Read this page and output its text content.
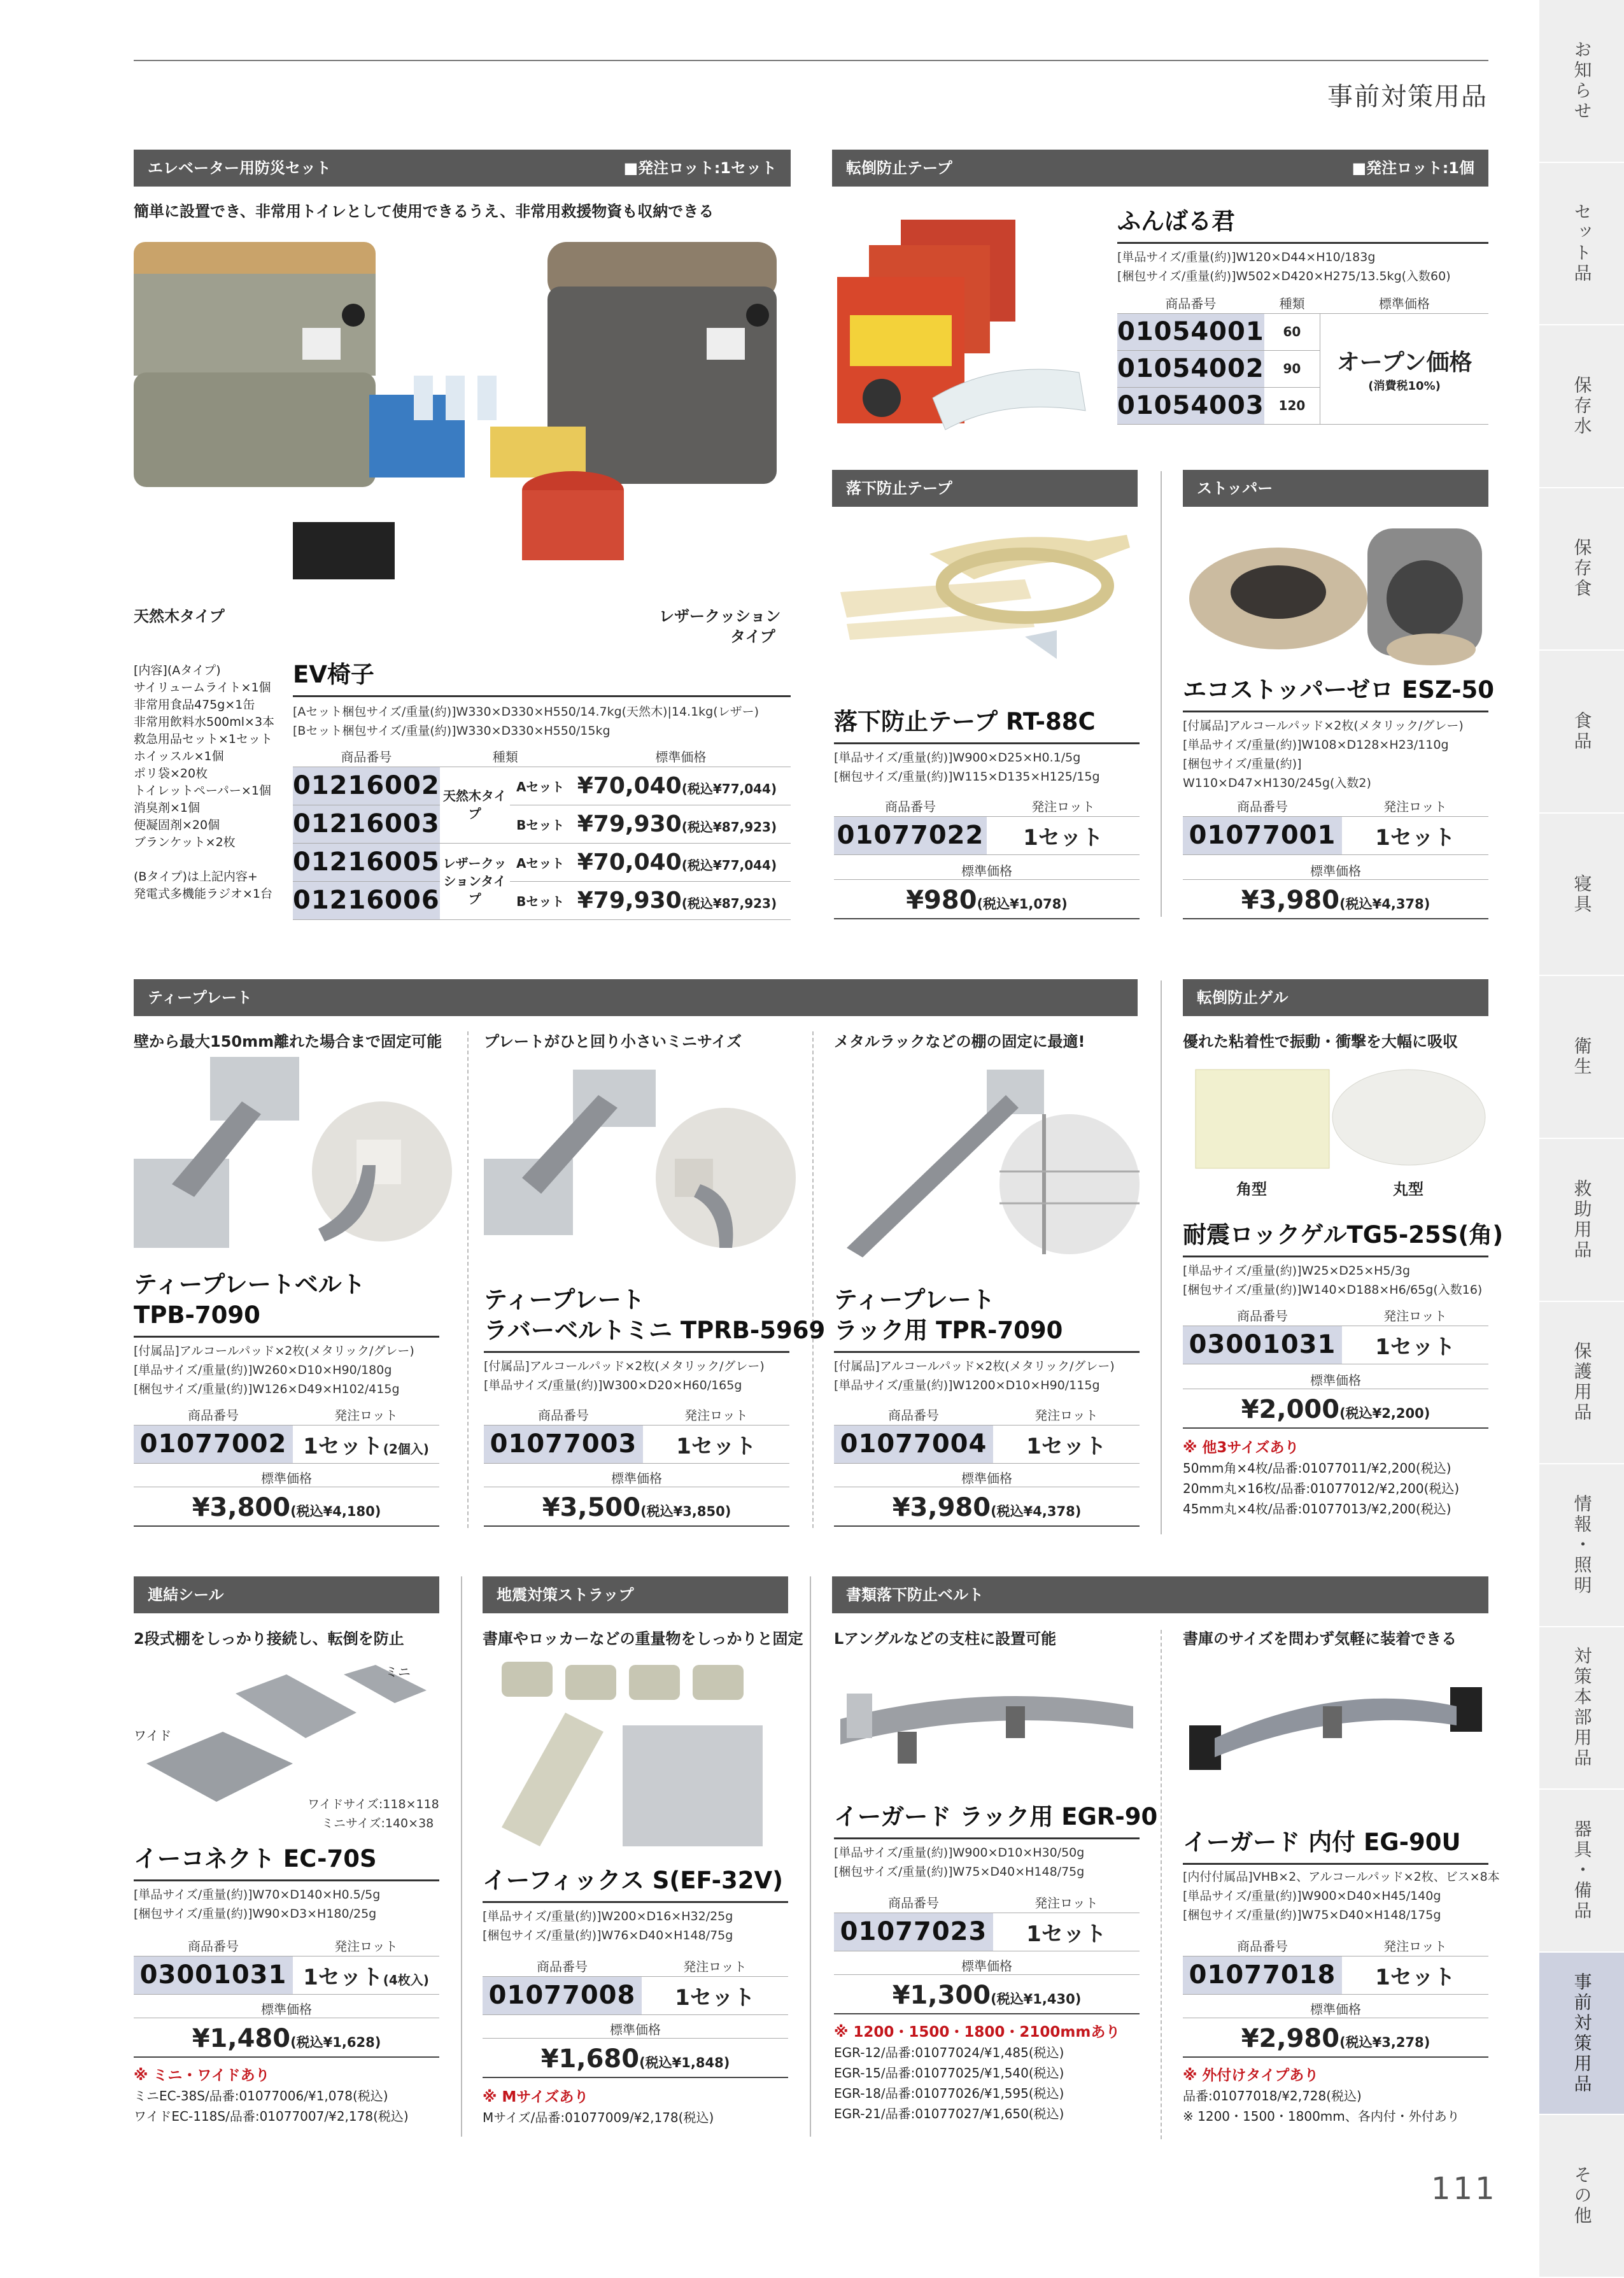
事前対策用品	お知らせ
セット品
保存水
保存食
食品
寝具
衛生
救助用品
保護用品
情報・照明
対策本部用品
器具・備品
事前対策用品
その他
エレベーター用防災セット	■発注ロット:1セット
簡単に設置でき、非常用トイレとして使用できるうえ、非常用救援物資も収納できる
天然木タイプ	レザークッション
タイプ
[内容](Aタイプ)
サイリュームライト×1個
非常用食品475g×1缶
非常用飲料水500ml×3本
救急用品セット×1セット
ホイッスル×1個
ポリ袋×20枚
トイレットペーパー×1個
消臭剤×1個
便凝固剤×20個
ブランケット×2枚

(Bタイプ)は上記内容+
発電式多機能ラジオ×1台
EV椅子
[Aセット梱包サイズ/重量(約)]W330×D330×H550/14.7kg(天然木)|14.1kg(レザー)
[Bセット梱包サイズ/重量(約)]W330×D330×H550/15kg
商品番号	種類		標準価格
01216002	天然木タイプ	Aセット	¥70,040(税込¥77,044)
01216003		Bセット	¥79,930(税込¥87,923)
01216005	レザークッションタイプ	Aセット	¥70,040(税込¥77,044)
01216006		Bセット	¥79,930(税込¥87,923)
転倒防止テープ	■発注ロット:1個
ふんばる君
[単品サイズ/重量(約)]W120×D44×H10/183g
[梱包サイズ/重量(約)]W502×D420×H275/13.5kg(入数60)
商品番号	種類	標準価格
01054001	60	オープン価格
(消費税10%)

01054002	90	
01054003	120	
落下防止テープ
落下防止テープ RT-88C
[単品サイズ/重量(約)]W900×D25×H0.1/5g
[梱包サイズ/重量(約)]W115×D135×H125/15g
商品番号	発注ロット
01077022	1セット
標準価格
¥980(税込¥1,078)
ストッパー
エコストッパーゼロ ESZ-50
[付属品]アルコールパッド×2枚(メタリック/グレー)
[単品サイズ/重量(約)]W108×D128×H23/110g
[梱包サイズ/重量(約)]
W110×D47×H130/245g(入数2)
商品番号	発注ロット
01077001	1セット
標準価格
¥3,980(税込¥4,378)
ティープレート
壁から最大150mm離れた場合まで固定可能
ティープレートベルト
TPB-7090
[付属品]アルコールパッド×2枚(メタリック/グレー)
[単品サイズ/重量(約)]W260×D10×H90/180g
[梱包サイズ/重量(約)]W126×D49×H102/415g
商品番号	発注ロット
01077002	1セット(2個入)
標準価格
¥3,800(税込¥4,180)
プレートがひと回り小さいミニサイズ
ティープレート
ラバーベルトミニ TPRB-5969
[付属品]アルコールパッド×2枚(メタリック/グレー)
[単品サイズ/重量(約)]W300×D20×H60/165g
商品番号	発注ロット
01077003	1セット
標準価格
¥3,500(税込¥3,850)
メタルラックなどの棚の固定に最適!
ティープレート
ラック用 TPR-7090
[付属品]アルコールパッド×2枚(メタリック/グレー)
[単品サイズ/重量(約)]W1200×D10×H90/115g
商品番号	発注ロット
01077004	1セット
標準価格
¥3,980(税込¥4,378)
転倒防止ゲル
優れた粘着性で振動・衝撃を大幅に吸収
角型	丸型
耐震ロックゲルTG5-25S(角)
[単品サイズ/重量(約)]W25×D25×H5/3g
[梱包サイズ/重量(約)]W140×D188×H6/65g(入数16)
商品番号	発注ロット
03001031	1セット
標準価格
¥2,000(税込¥2,200)
※ 他3サイズあり
50mm角×4枚/品番:01077011/¥2,200(税込)
20mm丸×16枚/品番:01077012/¥2,200(税込)
45mm丸×4枚/品番:01077013/¥2,200(税込)
連結シール
2段式棚をしっかり接続し、転倒を防止
ミニ
ワイド
ワイドサイズ:118×118
ミニサイズ:140×38
イーコネクト EC-70S
[単品サイズ/重量(約)]W70×D140×H0.5/5g
[梱包サイズ/重量(約)]W90×D3×H180/25g
商品番号	発注ロット
03001031	1セット(4枚入)
標準価格
¥1,480(税込¥1,628)
※ ミニ・ワイドあり
ミニEC-38S/品番:01077006/¥1,078(税込)
ワイドEC-118S/品番:01077007/¥2,178(税込)
地震対策ストラップ
書庫やロッカーなどの重量物をしっかりと固定
イーフィックス S(EF-32V)
[単品サイズ/重量(約)]W200×D16×H32/25g
[梱包サイズ/重量(約)]W76×D40×H148/75g
商品番号	発注ロット
01077008	1セット
標準価格
¥1,680(税込¥1,848)
※ Mサイズあり
Mサイズ/品番:01077009/¥2,178(税込)
書類落下防止ベルト
Lアングルなどの支柱に設置可能
イーガード ラック用 EGR-90
[単品サイズ/重量(約)]W900×D10×H30/50g
[梱包サイズ/重量(約)]W75×D40×H148/75g
商品番号	発注ロット
01077023	1セット
標準価格
¥1,300(税込¥1,430)
※ 1200・1500・1800・2100mmあり
EGR-12/品番:01077024/¥1,485(税込)
EGR-15/品番:01077025/¥1,540(税込)
EGR-18/品番:01077026/¥1,595(税込)
EGR-21/品番:01077027/¥1,650(税込)
書庫のサイズを問わず気軽に装着できる
イーガード 内付 EG-90U
[内付付属品]VHB×2、アルコールパッド×2枚、ビス×8本
[単品サイズ/重量(約)]W900×D40×H45/140g
[梱包サイズ/重量(約)]W75×D40×H148/175g
商品番号	発注ロット
01077018	1セット
標準価格
¥2,980(税込¥3,278)
※ 外付けタイプあり
品番:01077018/¥2,728(税込)
※ 1200・1500・1800mm、各内付・外付あり
111
